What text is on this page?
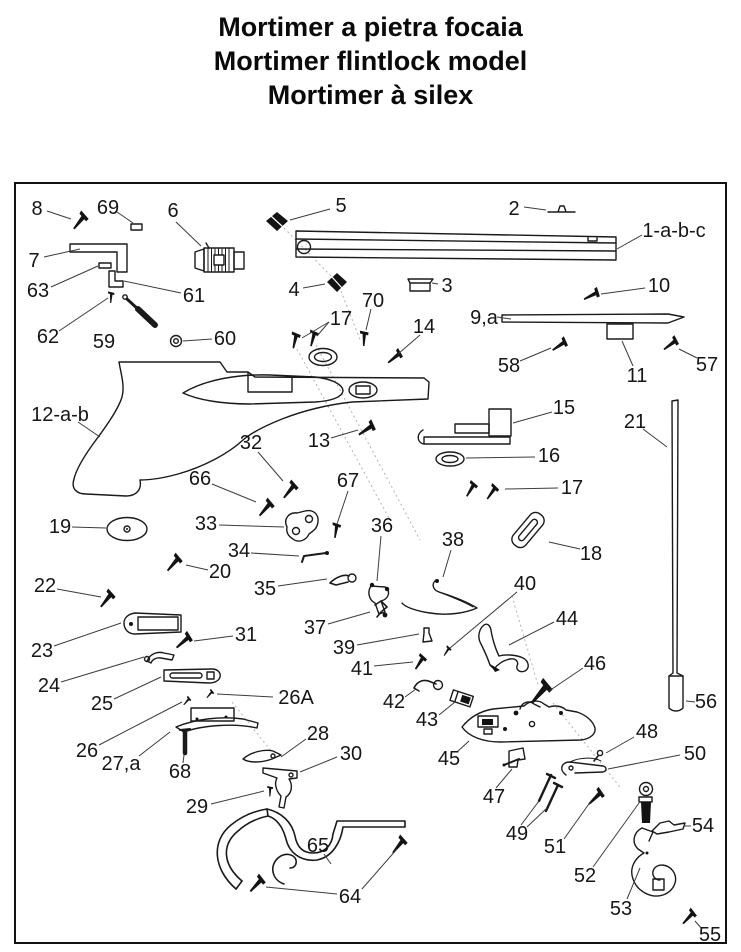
Mortimer a pietra focaia
Mortimer flintlock model
Mortimer à silex
8	69 6	5	2
1-a-b-c
7
63	61
62 59	60
4	3
70
17	14
10
9,a
58	11 57
12-a-b
32 13
66	67
19	33
34
20
35
36
38
15
16
17
18
21
22
23
31
24
25	26A
26
27,a 68
28
30
29
39
41
37
40
44
46
42
43
45
47
49
51
48
50
52
53
54
55
56
64
65
